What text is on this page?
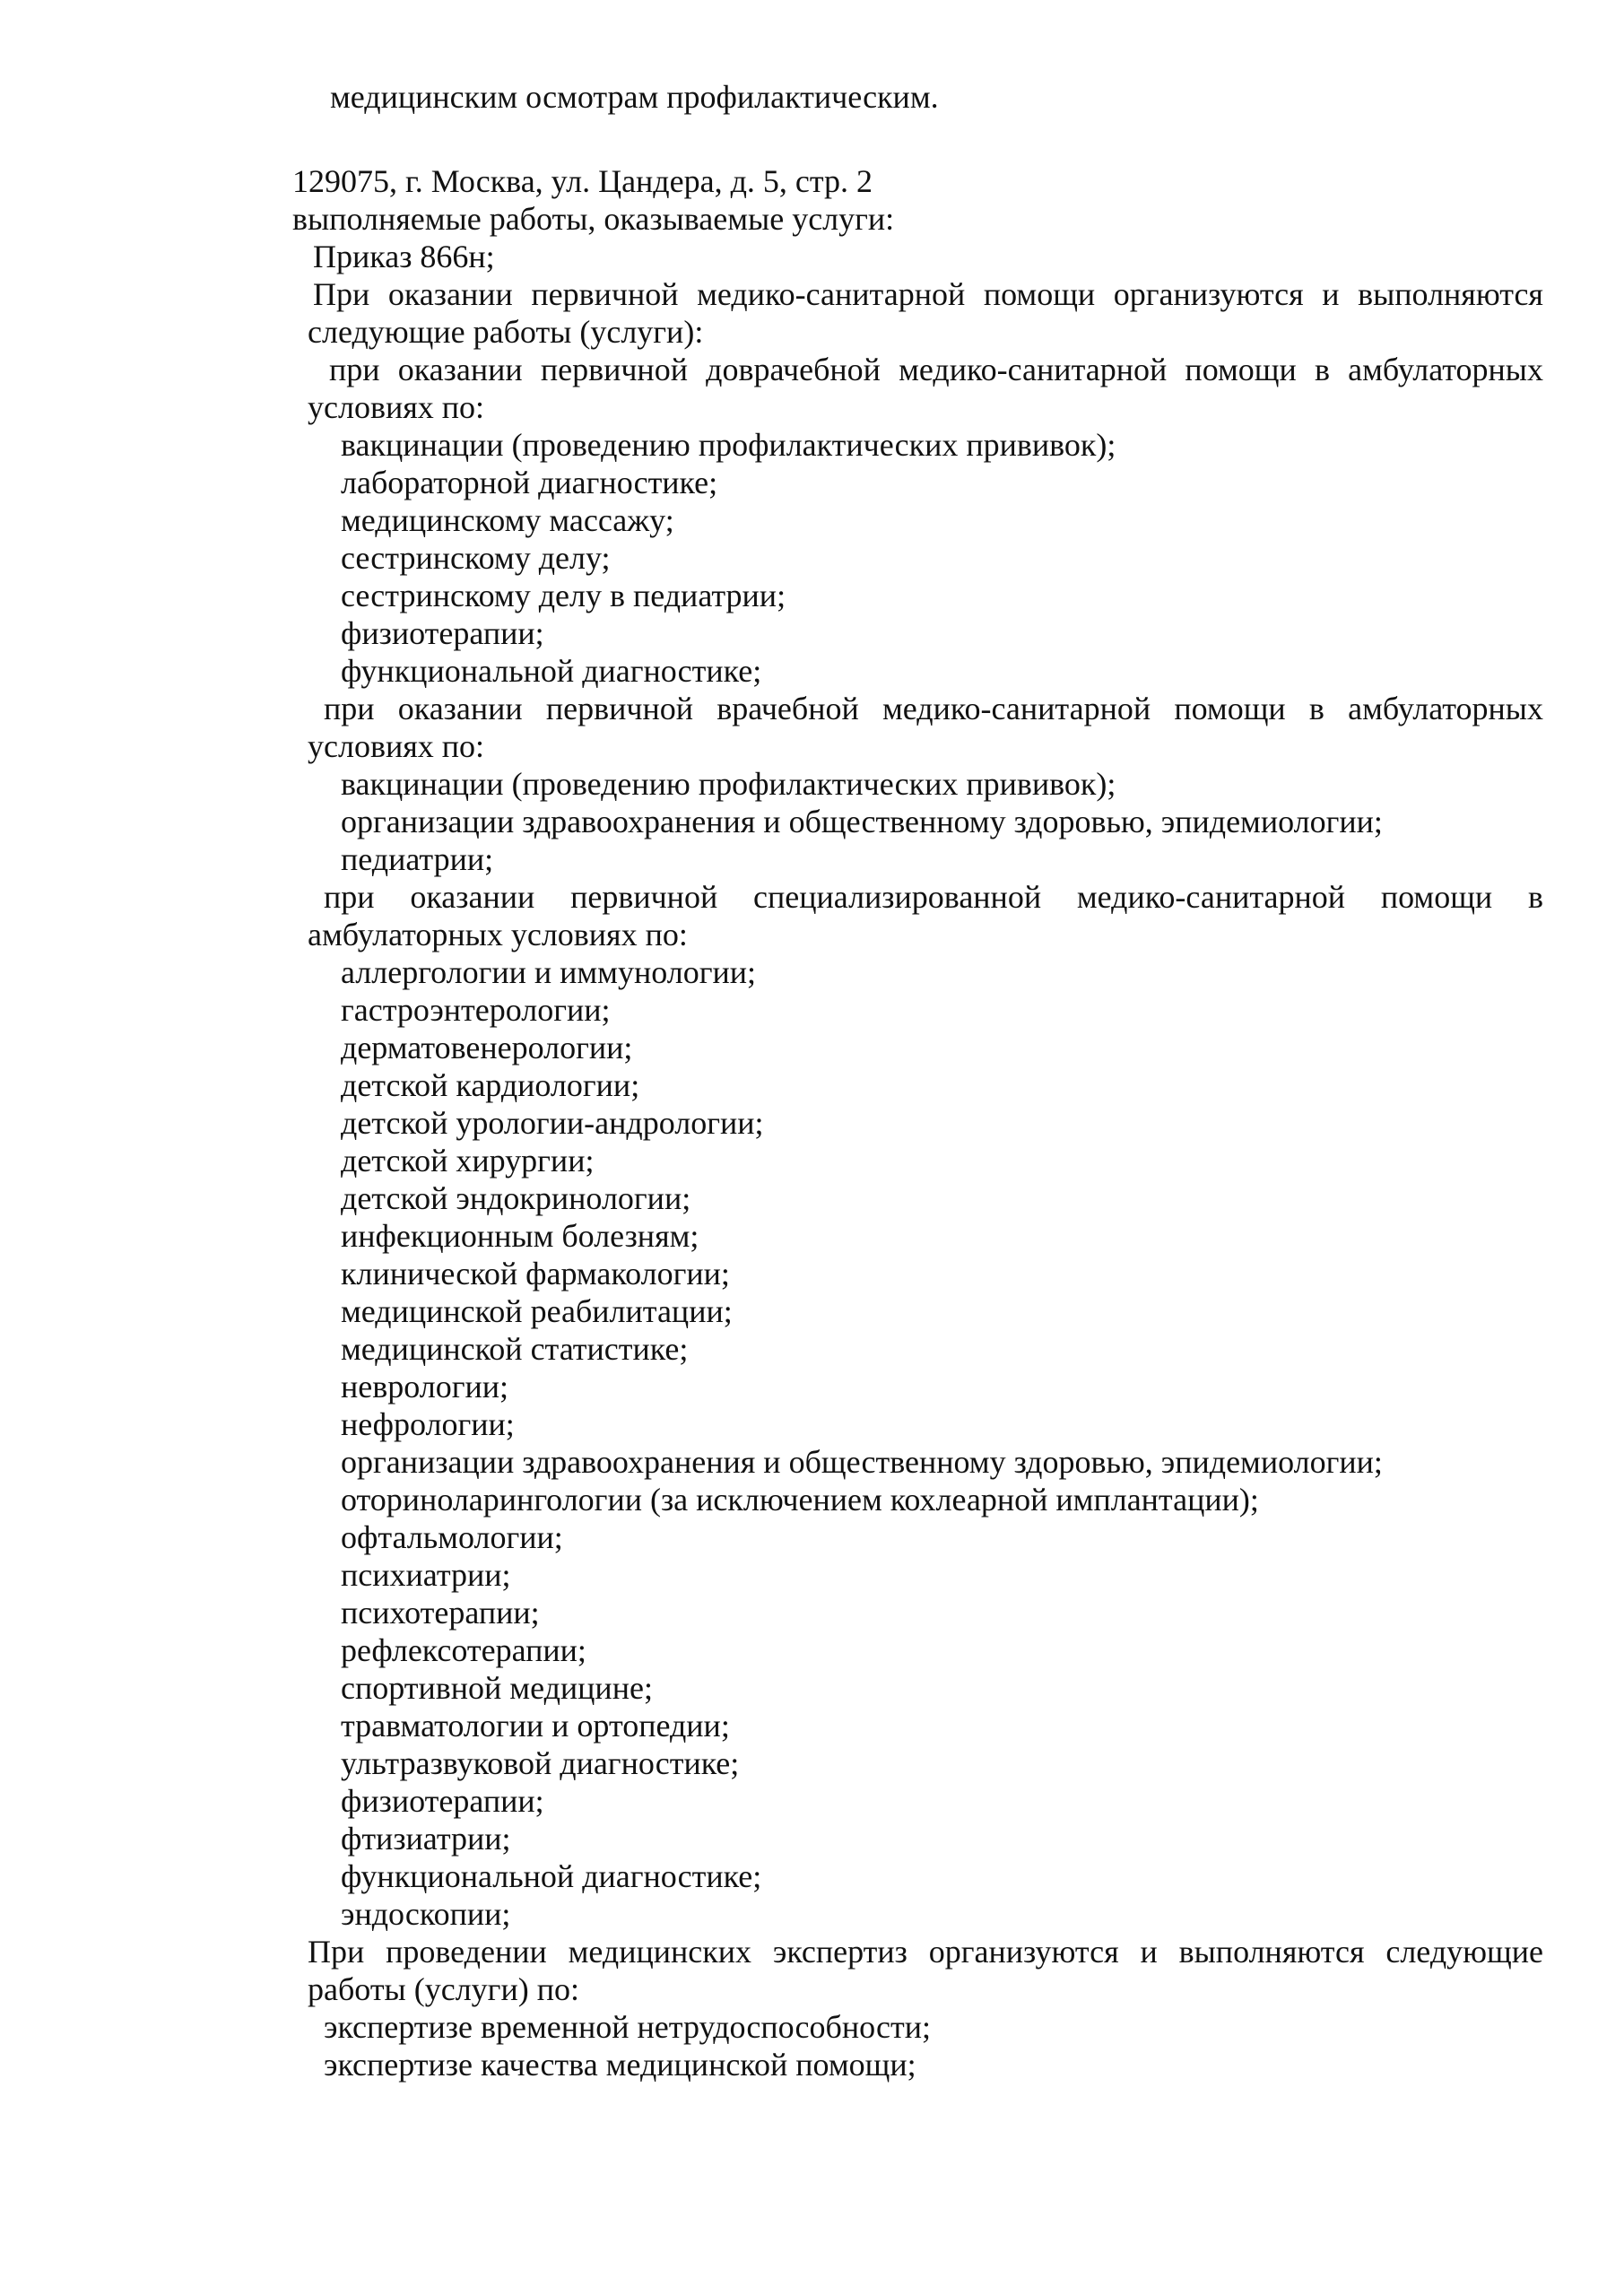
медицинским осмотрам профилактическим.
129075, г. Москва, ул. Цандера, д. 5, стр. 2
выполняемые работы, оказываемые услуги:
Приказ 866н;
При оказании первичной медико-санитарной помощи организуются и выполняются
следующие работы (услуги):
при оказании первичной доврачебной медико-санитарной помощи в амбулаторных
условиях по:
вакцинации (проведению профилактических прививок);
лабораторной диагностике;
медицинскому массажу;
сестринскому делу;
сестринскому делу в педиатрии;
физиотерапии;
функциональной диагностике;
при оказании первичной врачебной медико-санитарной помощи в амбулаторных
условиях по:
вакцинации (проведению профилактических прививок);
организации здравоохранения и общественному здоровью, эпидемиологии;
педиатрии;
при оказании первичной специализированной медико-санитарной помощи в
амбулаторных условиях по:
аллергологии и иммунологии;
гастроэнтерологии;
дерматовенерологии;
детской кардиологии;
детской урологии-андрологии;
детской хирургии;
детской эндокринологии;
инфекционным болезням;
клинической фармакологии;
медицинской реабилитации;
медицинской статистике;
неврологии;
нефрологии;
организации здравоохранения и общественному здоровью, эпидемиологии;
оториноларингологии (за исключением кохлеарной имплантации);
офтальмологии;
психиатрии;
психотерапии;
рефлексотерапии;
спортивной медицине;
травматологии и ортопедии;
ультразвуковой диагностике;
физиотерапии;
фтизиатрии;
функциональной диагностике;
эндоскопии;
При проведении медицинских экспертиз организуются и выполняются следующие
работы (услуги) по:
экспертизе временной нетрудоспособности;
экспертизе качества медицинской помощи;
